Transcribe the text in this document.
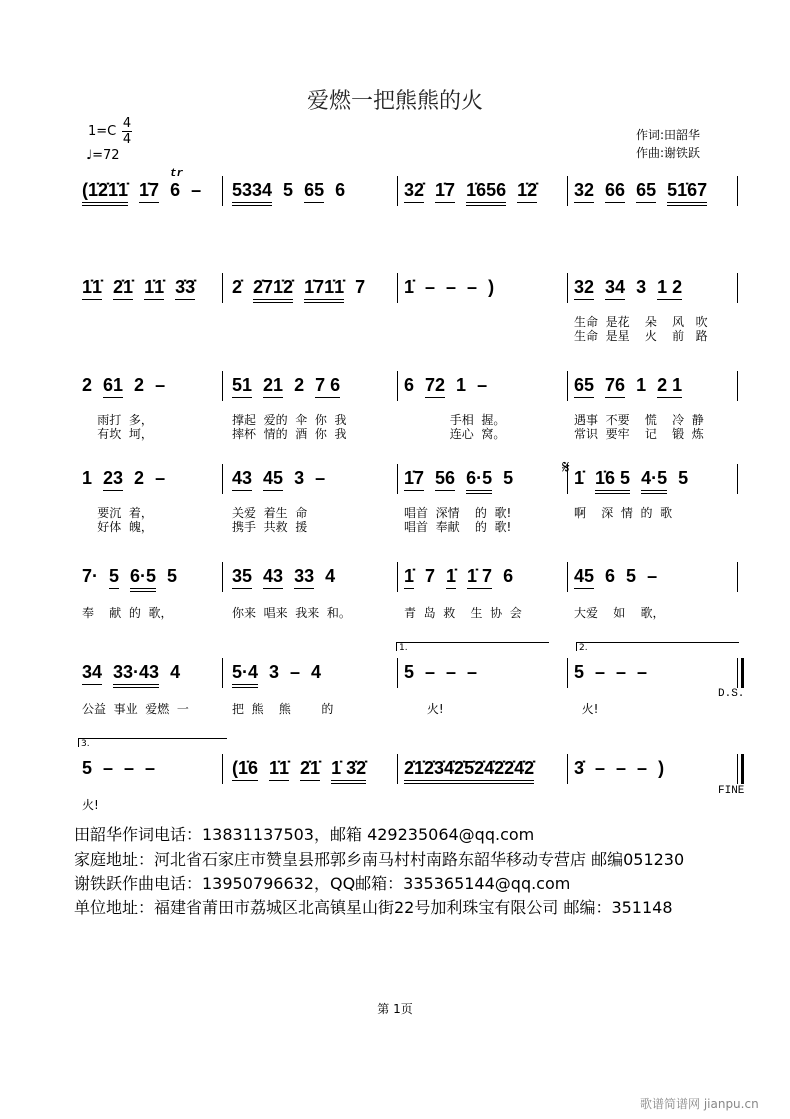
爱燃一把熊熊的火
1=C
4
4
♩=72
作词:田韶华
作曲:谢铁跃
(1̇2̇1̇1̇ 1̇7 6 – 5334 5 65 6	32̇ 1̇7 1̇656 1̇2̇ 32 66 65 51̇67
1̇1̇ 2̇1̇ 1̇1̇ 3̇3̇ 2̇ 2̇71̇2̇ 1̇71̇1̇ 7 1̇ – – – )	32 34 3 1 2
生命  是花    朵    风   吹
生命  是星    火    前   路
2 61 2 –	51 21 2 7 6	6 72 1 –	65 76 1 2 1
雨打  多，	撑起  爱的  伞  你  我	手相  握。	遇事  不要    慌    冷  静
有坎  坷，	摔杯  情的  酒  你  我	连心  窝。	常识  要牢    记    锻  炼
1 23 2 –	43 45 3 –	1̇7 56 6·5 5	1̇ 1̇6 5 4·5 5
要沉  着，	关爱  着生  命	唱首  深情    的  歌!	啊    深  情  的  歌
好体  魄，	携手  共救  援	唱首  奉献    的  歌!
7· 5 6·5 5	35 43 33 4	1̇ 7 1̇ 1̇ 7 6	45 6 5 –
奉    献  的  歌，	你来  唱来  我来  和。	青  岛  救    生  协  会	大爱    如    歌，
34 33·43 4	5·4 3 – 4	5 – – –	5 – – –
公益  事业  爱燃  一	把  熊    熊        的	火!	火!
5 – – –	(1̇6 1̇1̇ 2̇1̇ 1̇ 3̇2̇ 2̇1̇2̇3̇4̇2̇5̇2̇4̇2̇2̇4̇2̇ 3̇ – – – )
火!
1.	2.
3.
D.S.
FINE
𝄋
tr
田韶华作词电话：13831137503，邮箱 429235064@qq.com
家庭地址：河北省石家庄市赞皇县邢郭乡南马村村南路东韶华移动专营店 邮编051230
谢铁跃作曲电话：13950796632，QQ邮箱：335365144@qq.com
单位地址：福建省莆田市荔城区北高镇星山街22号加利珠宝有限公司 邮编：351148
第 1页
歌谱简谱网 jianpu.cn
